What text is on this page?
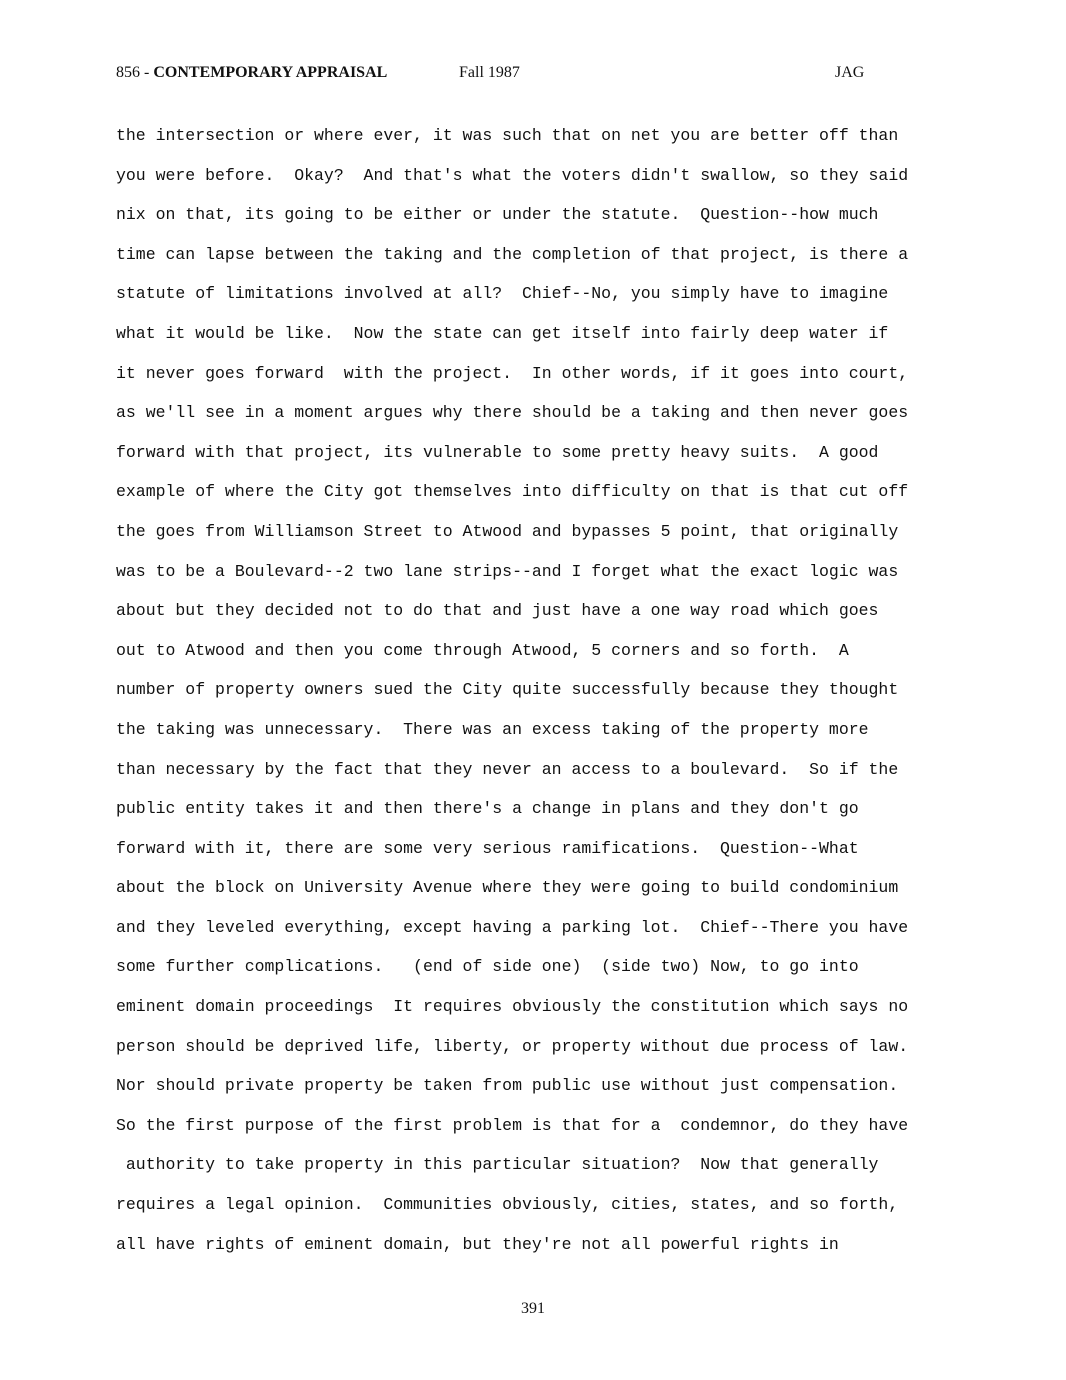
856 - CONTEMPORARY APPRAISAL	Fall 1987	JAG
the intersection or where ever, it was such that on net you are better off than
you were before.  Okay?  And that's what the voters didn't swallow, so they said
nix on that, its going to be either or under the statute.  Question--how much
time can lapse between the taking and the completion of that project, is there a
statute of limitations involved at all?  Chief--No, you simply have to imagine
what it would be like.  Now the state can get itself into fairly deep water if
it never goes forward  with the project.  In other words, if it goes into court,
as we'll see in a moment argues why there should be a taking and then never goes
forward with that project, its vulnerable to some pretty heavy suits.  A good
example of where the City got themselves into difficulty on that is that cut off
the goes from Williamson Street to Atwood and bypasses 5 point, that originally
was to be a Boulevard--2 two lane strips--and I forget what the exact logic was
about but they decided not to do that and just have a one way road which goes
out to Atwood and then you come through Atwood, 5 corners and so forth.  A
number of property owners sued the City quite successfully because they thought
the taking was unnecessary.  There was an excess taking of the property more
than necessary by the fact that they never an access to a boulevard.  So if the
public entity takes it and then there's a change in plans and they don't go
forward with it, there are some very serious ramifications.  Question--What
about the block on University Avenue where they were going to build condominium
and they leveled everything, except having a parking lot.  Chief--There you have
some further complications.   (end of side one)  (side two) Now, to go into
eminent domain proceedings  It requires obviously the constitution which says no
person should be deprived life, liberty, or property without due process of law.
Nor should private property be taken from public use without just compensation.
So the first purpose of the first problem is that for a  condemnor, do they have
authority to take property in this particular situation?  Now that generally
requires a legal opinion.  Communities obviously, cities, states, and so forth,
all have rights of eminent domain, but they're not all powerful rights in
391
